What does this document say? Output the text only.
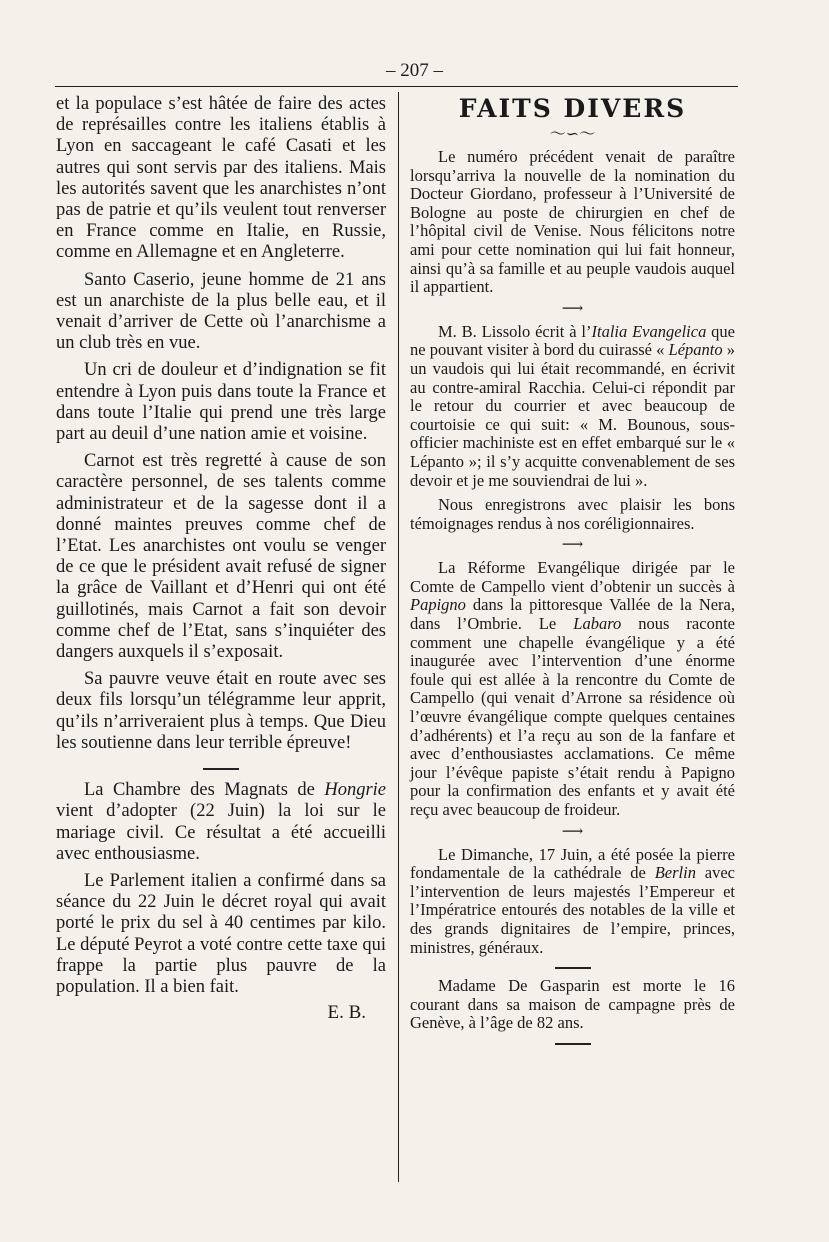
– 207 –

et la populace s’est hâtée de faire des actes de représailles contre les italiens établis à Lyon en saccageant le café Casati et les autres qui sont servis par des italiens. Mais les autorités savent que les anarchistes n’ont pas de patrie et qu’ils veulent tout renverser en France comme en Italie, en Russie, comme en Allemagne et en Angleterre.

Santo Caserio, jeune homme de 21 ans est un anarchiste de la plus belle eau, et il venait d’arriver de Cette où l’anarchisme a un club très en vue.

Un cri de douleur et d’indignation se fit entendre à Lyon puis dans toute la France et dans toute l’Italie qui prend une très large part au deuil d’une nation amie et voisine.

Carnot est très regretté à cause de son caractère personnel, de ses talents comme administrateur et de la sagesse dont il a donné maintes preuves comme chef de l’Etat. Les anarchistes ont voulu se venger de ce que le président avait refusé de signer la grâce de Vaillant et d’Henri qui ont été guillotinés, mais Carnot a fait son devoir comme chef de l’Etat, sans s’inquiéter des dangers auxquels il s’exposait.

Sa pauvre veuve était en route avec ses deux fils lorsqu’un télégramme leur apprit, qu’ils n’arriveraient plus à temps. Que Dieu les soutienne dans leur terrible épreuve!

La Chambre des Magnats de Hongrie vient d’adopter (22 Juin) la loi sur le mariage civil. Ce résultat a été accueilli avec enthousiasme.

Le Parlement italien a confirmé dans sa séance du 22 Juin le décret royal qui avait porté le prix du sel à 40 centimes par kilo. Le député Peyrot a voté contre cette taxe qui frappe la partie plus pauvre de la population. Il a bien fait.

E. B.
FAITS DIVERS
～∽～

Le numéro précédent venait de paraître lorsqu’arriva la nouvelle de la nomination du Docteur Giordano, professeur à l’Université de Bologne au poste de chirurgien en chef de l’hôpital civil de Venise. Nous félicitons notre ami pour cette nomination qui lui fait honneur, ainsi qu’à sa famille et au peuple vaudois auquel il appartient.

⟶

M. B. Lissolo écrit à l’Italia Evangelica que ne pouvant visiter à bord du cuirassé « Lépanto » un vaudois qui lui était recommandé, en écrivit au contre-amiral Racchia. Celui-ci répondit par le retour du courrier et avec beaucoup de courtoisie ce qui suit: « M. Bounous, sous-officier machiniste est en effet embarqué sur le « Lépanto »; il s’y acquitte convenablement de ses devoir et je me souviendrai de lui ».

Nous enregistrons avec plaisir les bons témoignages rendus à nos coréligionnaires.

⟶

La Réforme Evangélique dirigée par le Comte de Campello vient d’obtenir un succès à Papigno dans la pittoresque Vallée de la Nera, dans l’Ombrie. Le Labaro nous raconte comment une chapelle évangélique y a été inaugurée avec l’intervention d’une énorme foule qui est allée à la rencontre du Comte de Campello (qui venait d’Arrone sa résidence où l’œuvre évangélique compte quelques centaines d’adhérents) et l’a reçu au son de la fanfare et avec d’enthousiastes acclamations. Ce même jour l’évêque papiste s’était rendu à Papigno pour la confirmation des enfants et y avait été reçu avec beaucoup de froideur.

⟶

Le Dimanche, 17 Juin, a été posée la pierre fondamentale de la cathédrale de Berlin avec l’intervention de leurs majestés l’Empereur et l’Impératrice entourés des notables de la ville et des grands dignitaires de l’empire, princes, ministres, généraux.

Madame De Gasparin est morte le 16 courant dans sa maison de campagne près de Genève, à l’âge de 82 ans.
